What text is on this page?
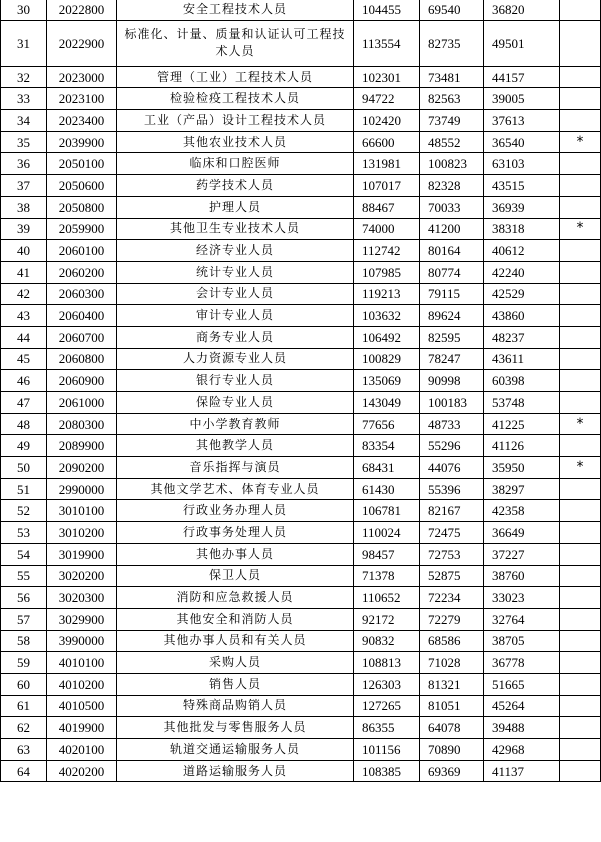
30	2022800	安全工程技术人员	104455	69540	36820	
31	2022900	标准化、计量、质量和认证认可工程技术人员	113554	82735	49501	
32	2023000	管理（工业）工程技术人员	102301	73481	44157	
33	2023100	检验检疫工程技术人员	94722	82563	39005	
34	2023400	工业（产品）设计工程技术人员	102420	73749	37613	
35	2039900	其他农业技术人员	66600	48552	36540	*
36	2050100	临床和口腔医师	131981	100823	63103	
37	2050600	药学技术人员	107017	82328	43515	
38	2050800	护理人员	88467	70033	36939	
39	2059900	其他卫生专业技术人员	74000	41200	38318	*
40	2060100	经济专业人员	112742	80164	40612	
41	2060200	统计专业人员	107985	80774	42240	
42	2060300	会计专业人员	119213	79115	42529	
43	2060400	审计专业人员	103632	89624	43860	
44	2060700	商务专业人员	106492	82595	48237	
45	2060800	人力资源专业人员	100829	78247	43611	
46	2060900	银行专业人员	135069	90998	60398	
47	2061000	保险专业人员	143049	100183	53748	
48	2080300	中小学教育教师	77656	48733	41225	*
49	2089900	其他教学人员	83354	55296	41126	
50	2090200	音乐指挥与演员	68431	44076	35950	*
51	2990000	其他文学艺术、体育专业人员	61430	55396	38297	
52	3010100	行政业务办理人员	106781	82167	42358	
53	3010200	行政事务处理人员	110024	72475	36649	
54	3019900	其他办事人员	98457	72753	37227	
55	3020200	保卫人员	71378	52875	38760	
56	3020300	消防和应急救援人员	110652	72234	33023	
57	3029900	其他安全和消防人员	92172	72279	32764	
58	3990000	其他办事人员和有关人员	90832	68586	38705	
59	4010100	采购人员	108813	71028	36778	
60	4010200	销售人员	126303	81321	51665	
61	4010500	特殊商品购销人员	127265	81051	45264	
62	4019900	其他批发与零售服务人员	86355	64078	39488	
63	4020100	轨道交通运输服务人员	101156	70890	42968	
64	4020200	道路运输服务人员	108385	69369	41137	
